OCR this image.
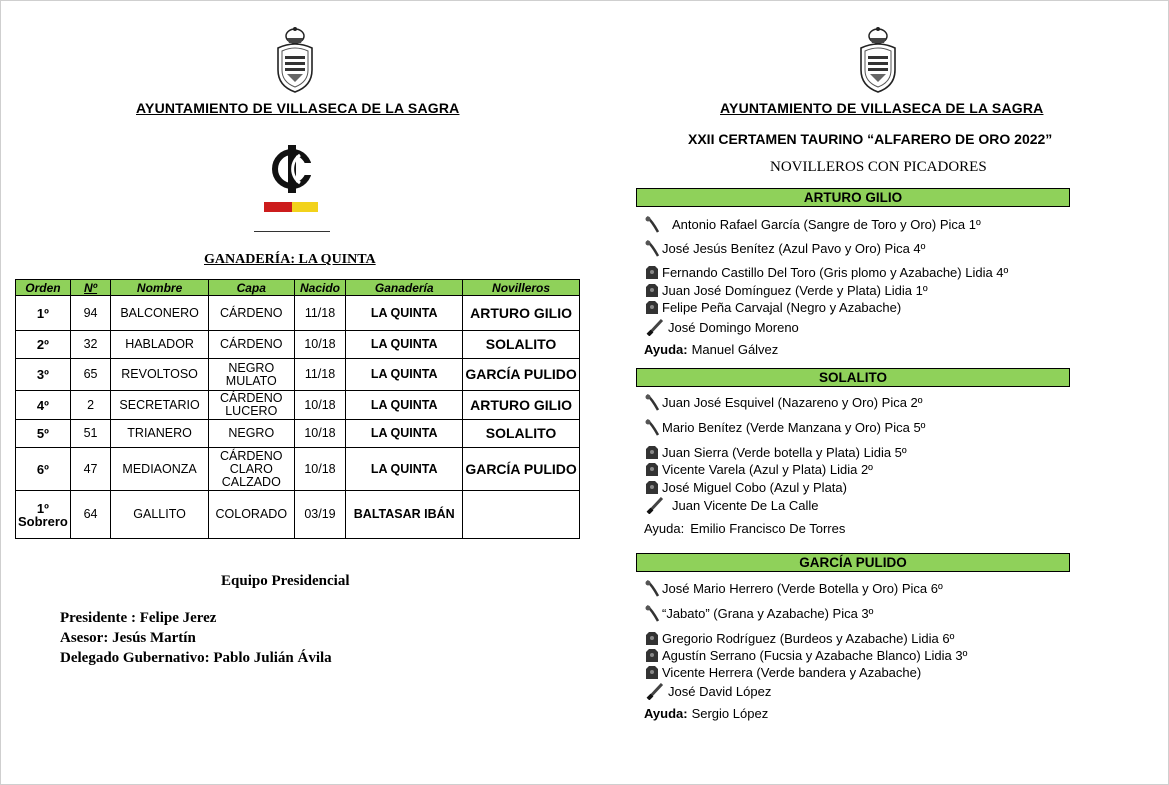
AYUNTAMIENTO DE VILLASECA DE LA SAGRA
GANADERÍA: LA QUINTA
Orden	Nº	Nombre	Capa	Nacido	Ganadería	Novilleros
1º	94	BALCONERO	CÁRDENO	11/18	LA QUINTA	ARTURO GILIO
2º	32	HABLADOR	CÁRDENO	10/18	LA QUINTA	SOLALITO
3º	65	REVOLTOSO	NEGRO MULATO	11/18	LA QUINTA	GARCÍA PULIDO
4º	2	SECRETARIO	CÁRDENO LUCERO	10/18	LA QUINTA	ARTURO GILIO
5º	51	TRIANERO	NEGRO	10/18	LA QUINTA	SOLALITO
6º	47	MEDIAONZA	CÁRDENO CLARO CALZADO	10/18	LA QUINTA	GARCÍA PULIDO
1º Sobrero	64	GALLITO	COLORADO	03/19	BALTASAR IBÁN	
Equipo Presidencial
Presidente : Felipe Jerez
Asesor: Jesús Martín
Delegado Gubernativo: Pablo Julián Ávila
AYUNTAMIENTO DE VILLASECA DE LA SAGRA
XXII CERTAMEN TAURINO “ALFARERO DE ORO 2022”
NOVILLEROS CON PICADORES
ARTURO GILIO
Antonio Rafael García (Sangre de Toro y Oro) Pica 1º
José Jesús Benítez (Azul Pavo y Oro) Pica 4º
Fernando Castillo Del Toro (Gris plomo y Azabache) Lidia 4º
Juan José Domínguez (Verde y Plata) Lidia 1º
Felipe Peña Carvajal (Negro y Azabache)
José Domingo Moreno
Ayuda: Manuel Gálvez
SOLALITO
Juan José Esquivel (Nazareno y Oro) Pica 2º
Mario Benítez (Verde Manzana y Oro) Pica 5º
Juan Sierra (Verde botella y Plata) Lidia 5º
Vicente Varela (Azul y Plata) Lidia 2º
José Miguel Cobo (Azul y Plata)
Juan Vicente De La Calle
Ayuda: Emilio Francisco De Torres
GARCÍA PULIDO
José Mario Herrero (Verde Botella y Oro) Pica 6º
“Jabato” (Grana y Azabache) Pica 3º
Gregorio Rodríguez (Burdeos y Azabache) Lidia 6º
Agustín Serrano (Fucsia y Azabache Blanco) Lidia 3º
Vicente Herrera (Verde bandera y Azabache)
José David López
Ayuda: Sergio López
